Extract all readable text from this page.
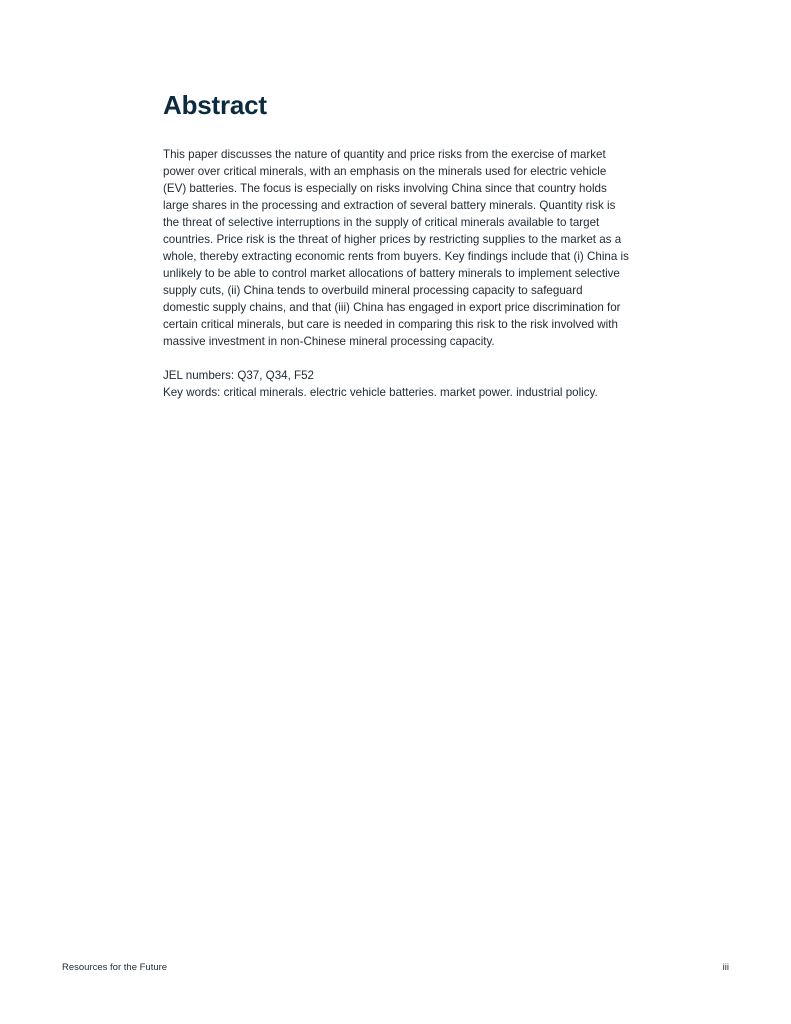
Abstract

This paper discusses the nature of quantity and price risks from the exercise of market power over critical minerals, with an emphasis on the minerals used for electric vehicle (EV) batteries. The focus is especially on risks involving China since that country holds large shares in the processing and extraction of several battery minerals. Quantity risk is the threat of selective interruptions in the supply of critical minerals available to target countries. Price risk is the threat of higher prices by restricting supplies to the market as a whole, thereby extracting economic rents from buyers. Key findings include that (i) China is unlikely to be able to control market allocations of battery minerals to implement selective supply cuts, (ii) China tends to overbuild mineral processing capacity to safeguard domestic supply chains, and that (iii) China has engaged in export price discrimination for certain critical minerals, but care is needed in comparing this risk to the risk involved with massive investment in non-Chinese mineral processing capacity.

JEL numbers: Q37, Q34, F52
Key words: critical minerals. electric vehicle batteries. market power. industrial policy.
Resources for the Future	iii
